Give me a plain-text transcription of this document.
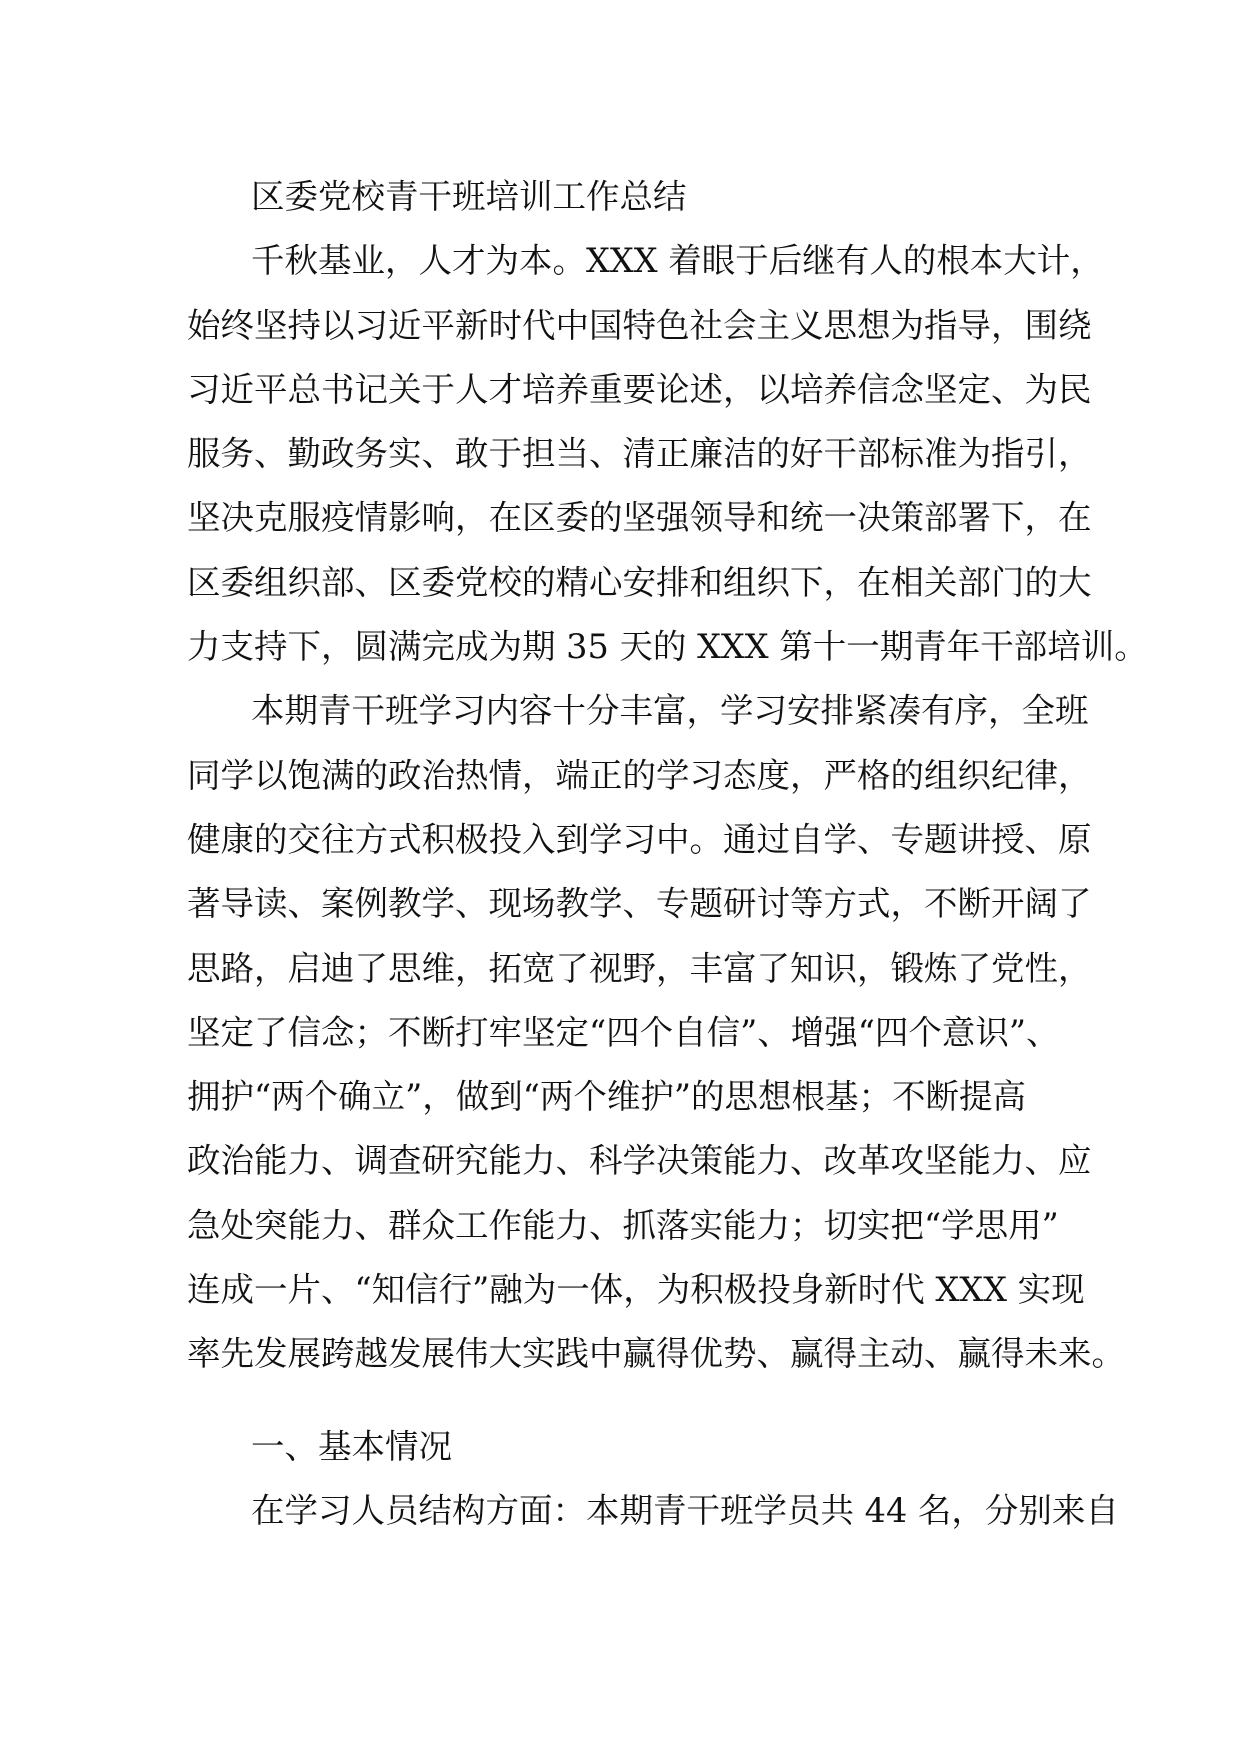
区委党校青干班培训工作总结
千秋基业，人才为本。XXX 着眼于后继有人的根本大计，
始终坚持以习近平新时代中国特色社会主义思想为指导，围绕
习近平总书记关于人才培养重要论述，以培养信念坚定、为民
服务、勤政务实、敢于担当、清正廉洁的好干部标准为指引，
坚决克服疫情影响，在区委的坚强领导和统一决策部署下，在
区委组织部、区委党校的精心安排和组织下，在相关部门的大
力支持下，圆满完成为期 35 天的 XXX 第十一期青年干部培训。
本期青干班学习内容十分丰富，学习安排紧凑有序，全班
同学以饱满的政治热情，端正的学习态度，严格的组织纪律，
健康的交往方式积极投入到学习中。通过自学、专题讲授、原
著导读、案例教学、现场教学、专题研讨等方式，不断开阔了
思路，启迪了思维，拓宽了视野，丰富了知识，锻炼了党性，
坚定了信念；不断打牢坚定“四个自信”、增强“四个意识”、
拥护“两个确立”，做到“两个维护”的思想根基；不断提高
政治能力、调查研究能力、科学决策能力、改革攻坚能力、应
急处突能力、群众工作能力、抓落实能力；切实把“学思用”
连成一片、“知信行”融为一体，为积极投身新时代 XXX 实现
率先发展跨越发展伟大实践中赢得优势、赢得主动、赢得未来。
一、基本情况
在学习人员结构方面：本期青干班学员共 44 名，分别来自
